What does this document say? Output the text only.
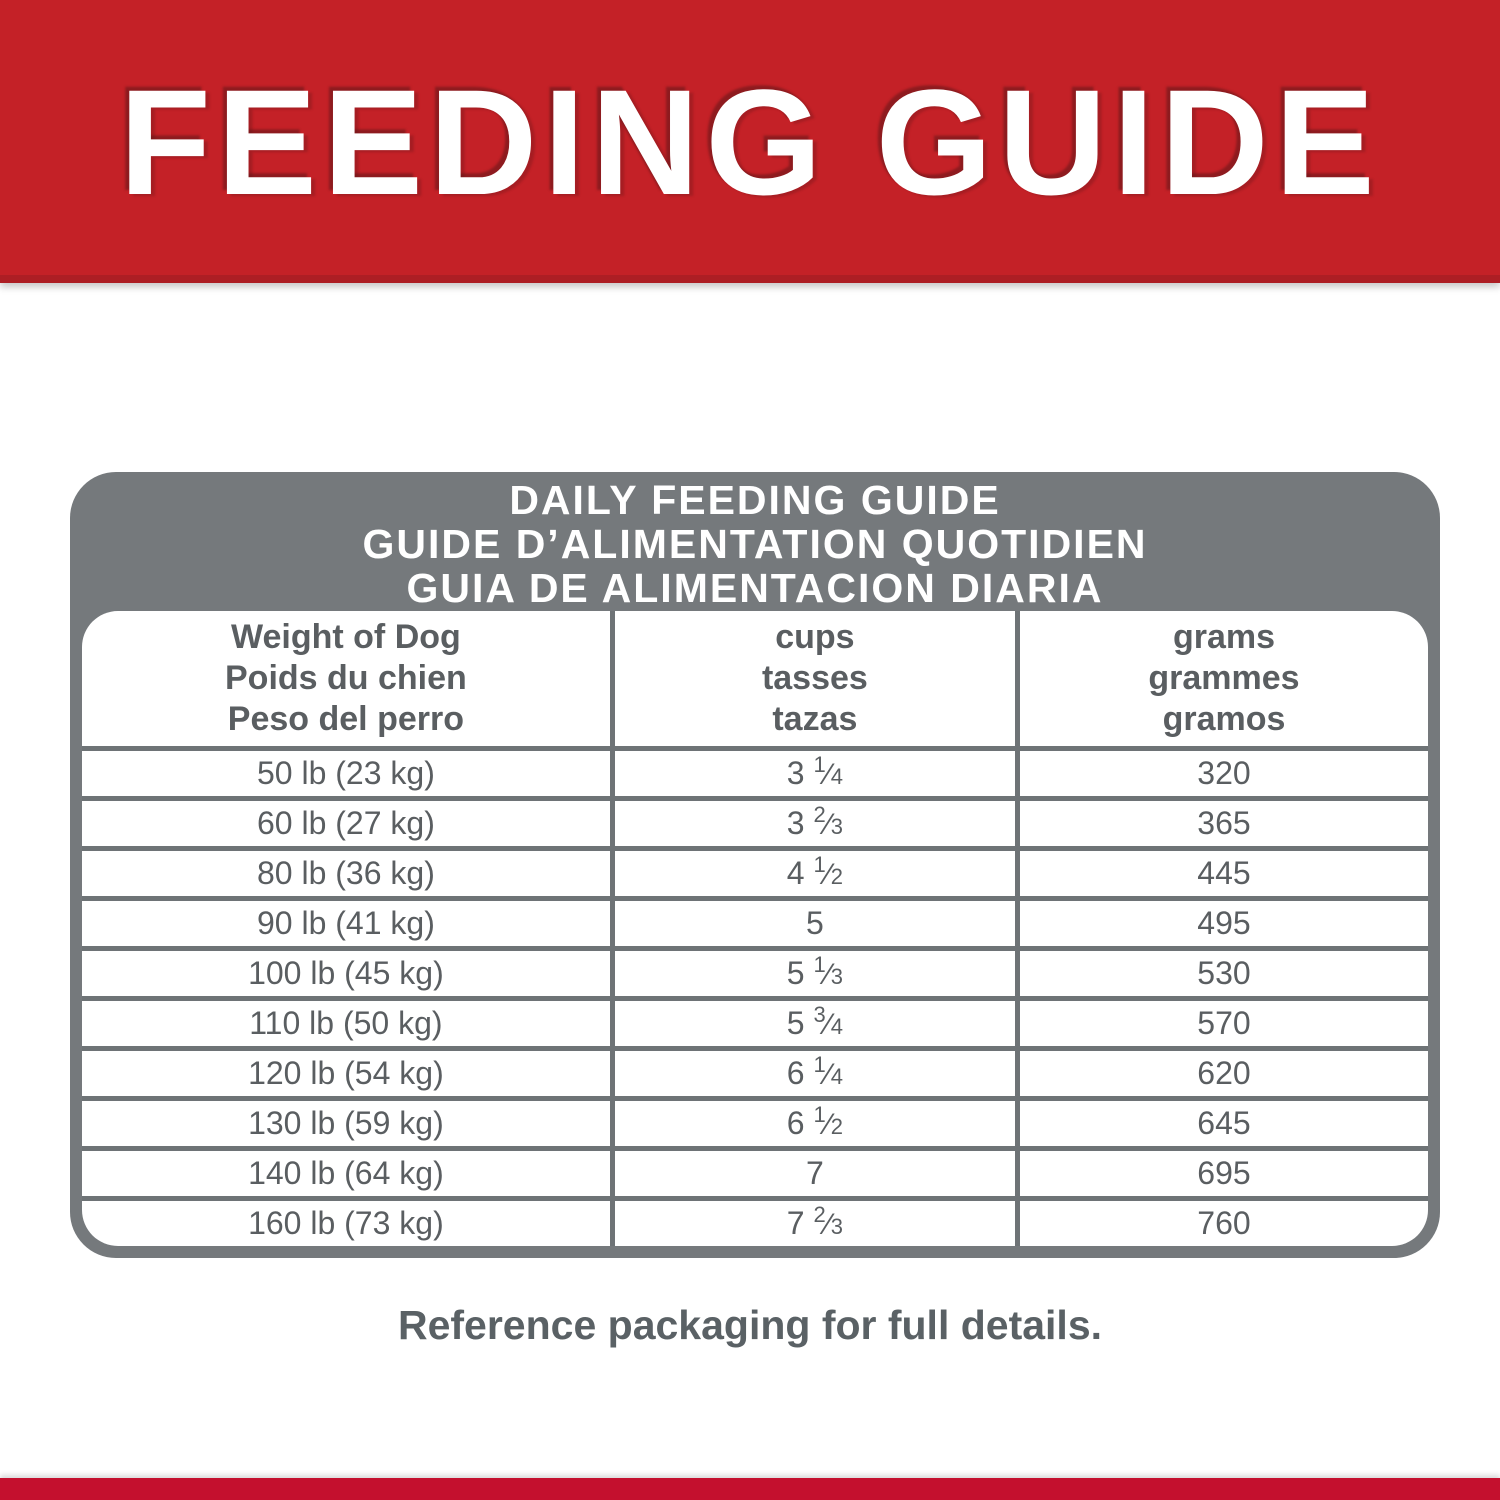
FEEDING GUIDE
DAILY FEEDING GUIDE
GUIDE D’ALIMENTATION QUOTIDIEN
GUIA DE ALIMENTACION DIARIA
Weight of Dog
Poids du chien
Peso del perro

cups
tasses
tazas

grams
grammes
gramos

50 lb (23 kg)	3 $^1$⁄4	320
60 lb (27 kg)	3 $^2$⁄3	365
80 lb (36 kg)	4 $^1$⁄2	445
90 lb (41 kg)	5	495
100 lb (45 kg)	5 $^1$⁄3	530
110 lb (50 kg)	5 $^3$⁄4	570
120 lb (54 kg)	6 $^1$⁄4	620
130 lb (59 kg)	6 $^1$⁄2	645
140 lb (64 kg)	7	695
160 lb (73 kg)	7 $^2$⁄3	760

Reference packaging for full details.
